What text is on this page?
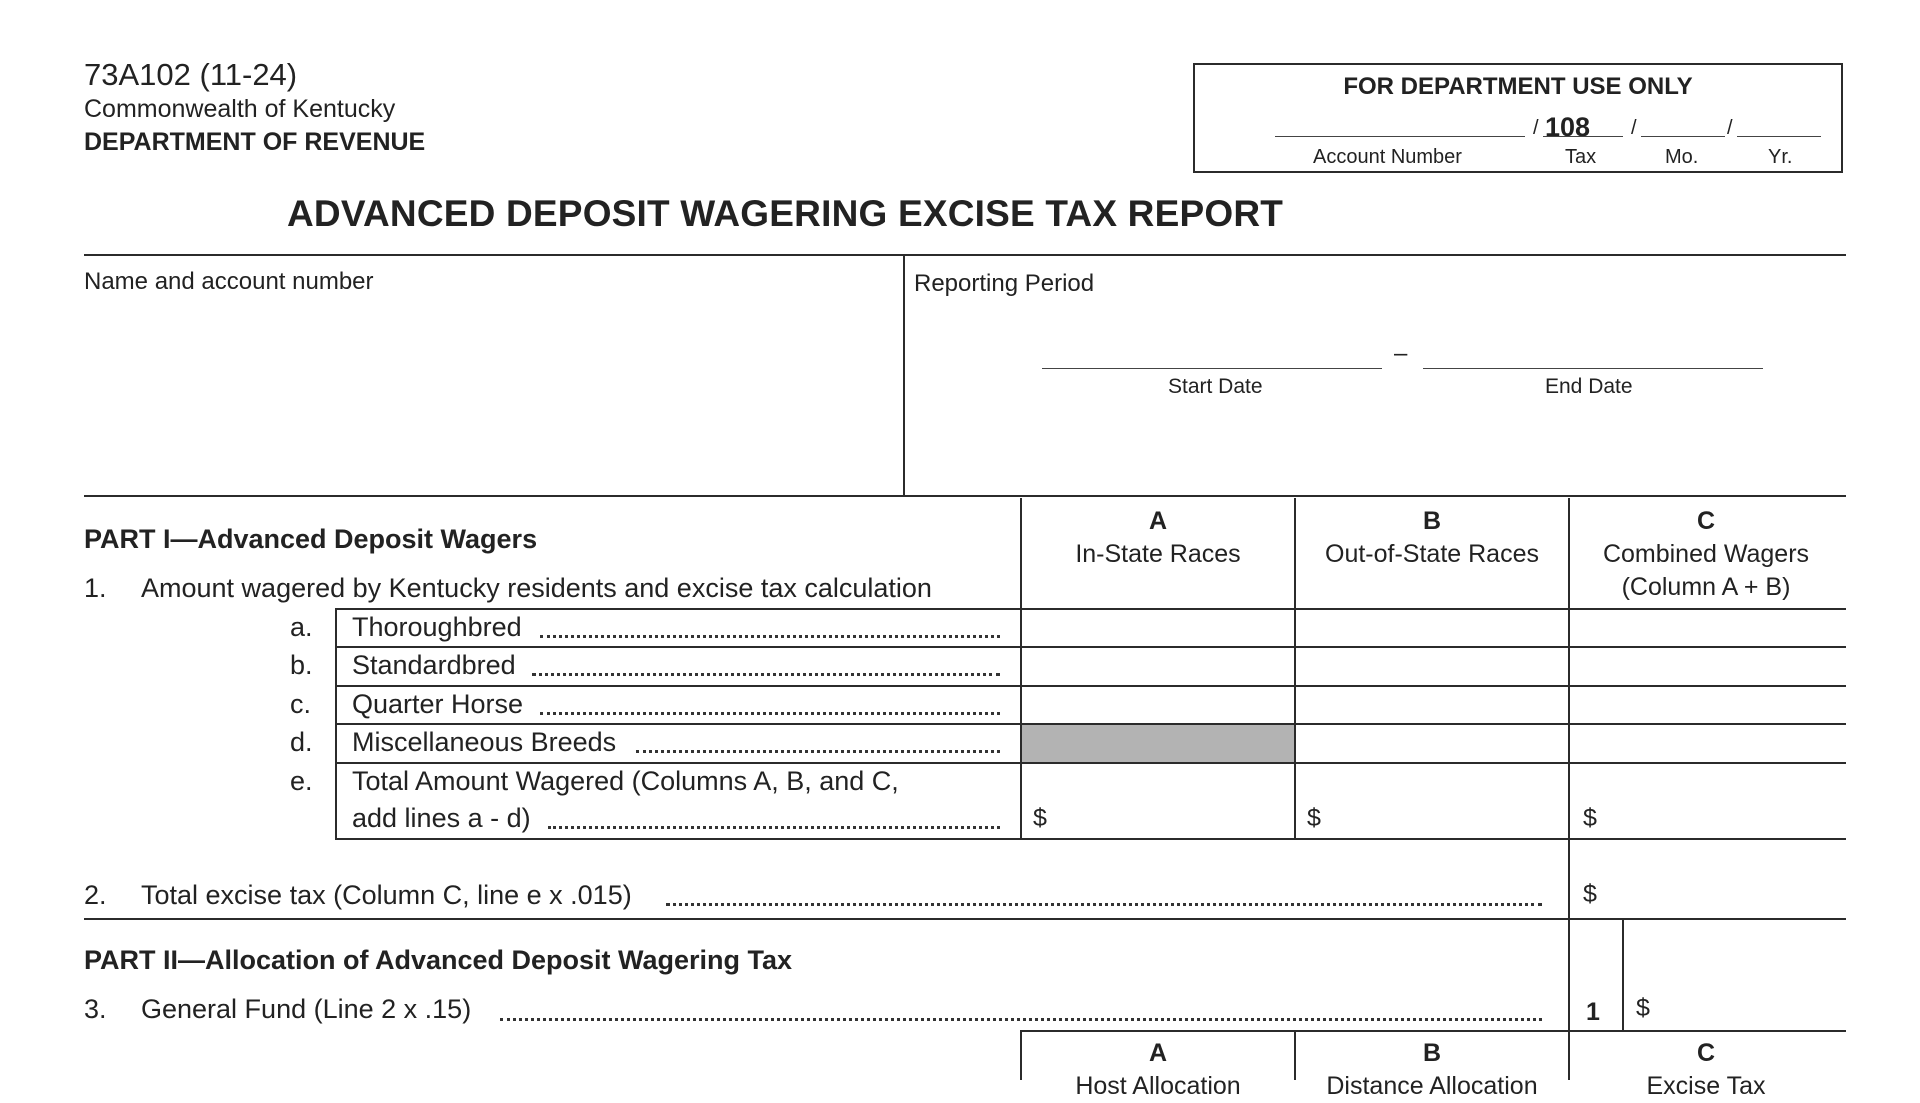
73A102 (11-24)
Commonwealth of Kentucky
DEPARTMENT OF REVENUE
FOR DEPARTMENT USE ONLY
/ 108 /	/
Account Number	Tax	Mo.	Yr.
ADVANCED DEPOSIT WAGERING EXCISE TAX REPORT
Name and account number	Reporting Period
–
Start Date	End Date
PART I—Advanced Deposit Wagers
1. Amount wagered by Kentucky residents and excise tax calculation
A
In-State Races
B
Out-of-State Races
C
Combined Wagers
(Column A + B)
a. Thoroughbred
b. Standardbred
c. Quarter Horse
d. Miscellaneous Breeds
e. Total Amount Wagered (Columns A, B, and C,
add lines a - d)	$	$	$
2. Total excise tax (Column C, line e x .015)	$
PART II—Allocation of Advanced Deposit Wagering Tax
3. General Fund (Line 2 x .15)	1 $
A
Host Allocation
B
Distance Allocation
C
Excise Tax
